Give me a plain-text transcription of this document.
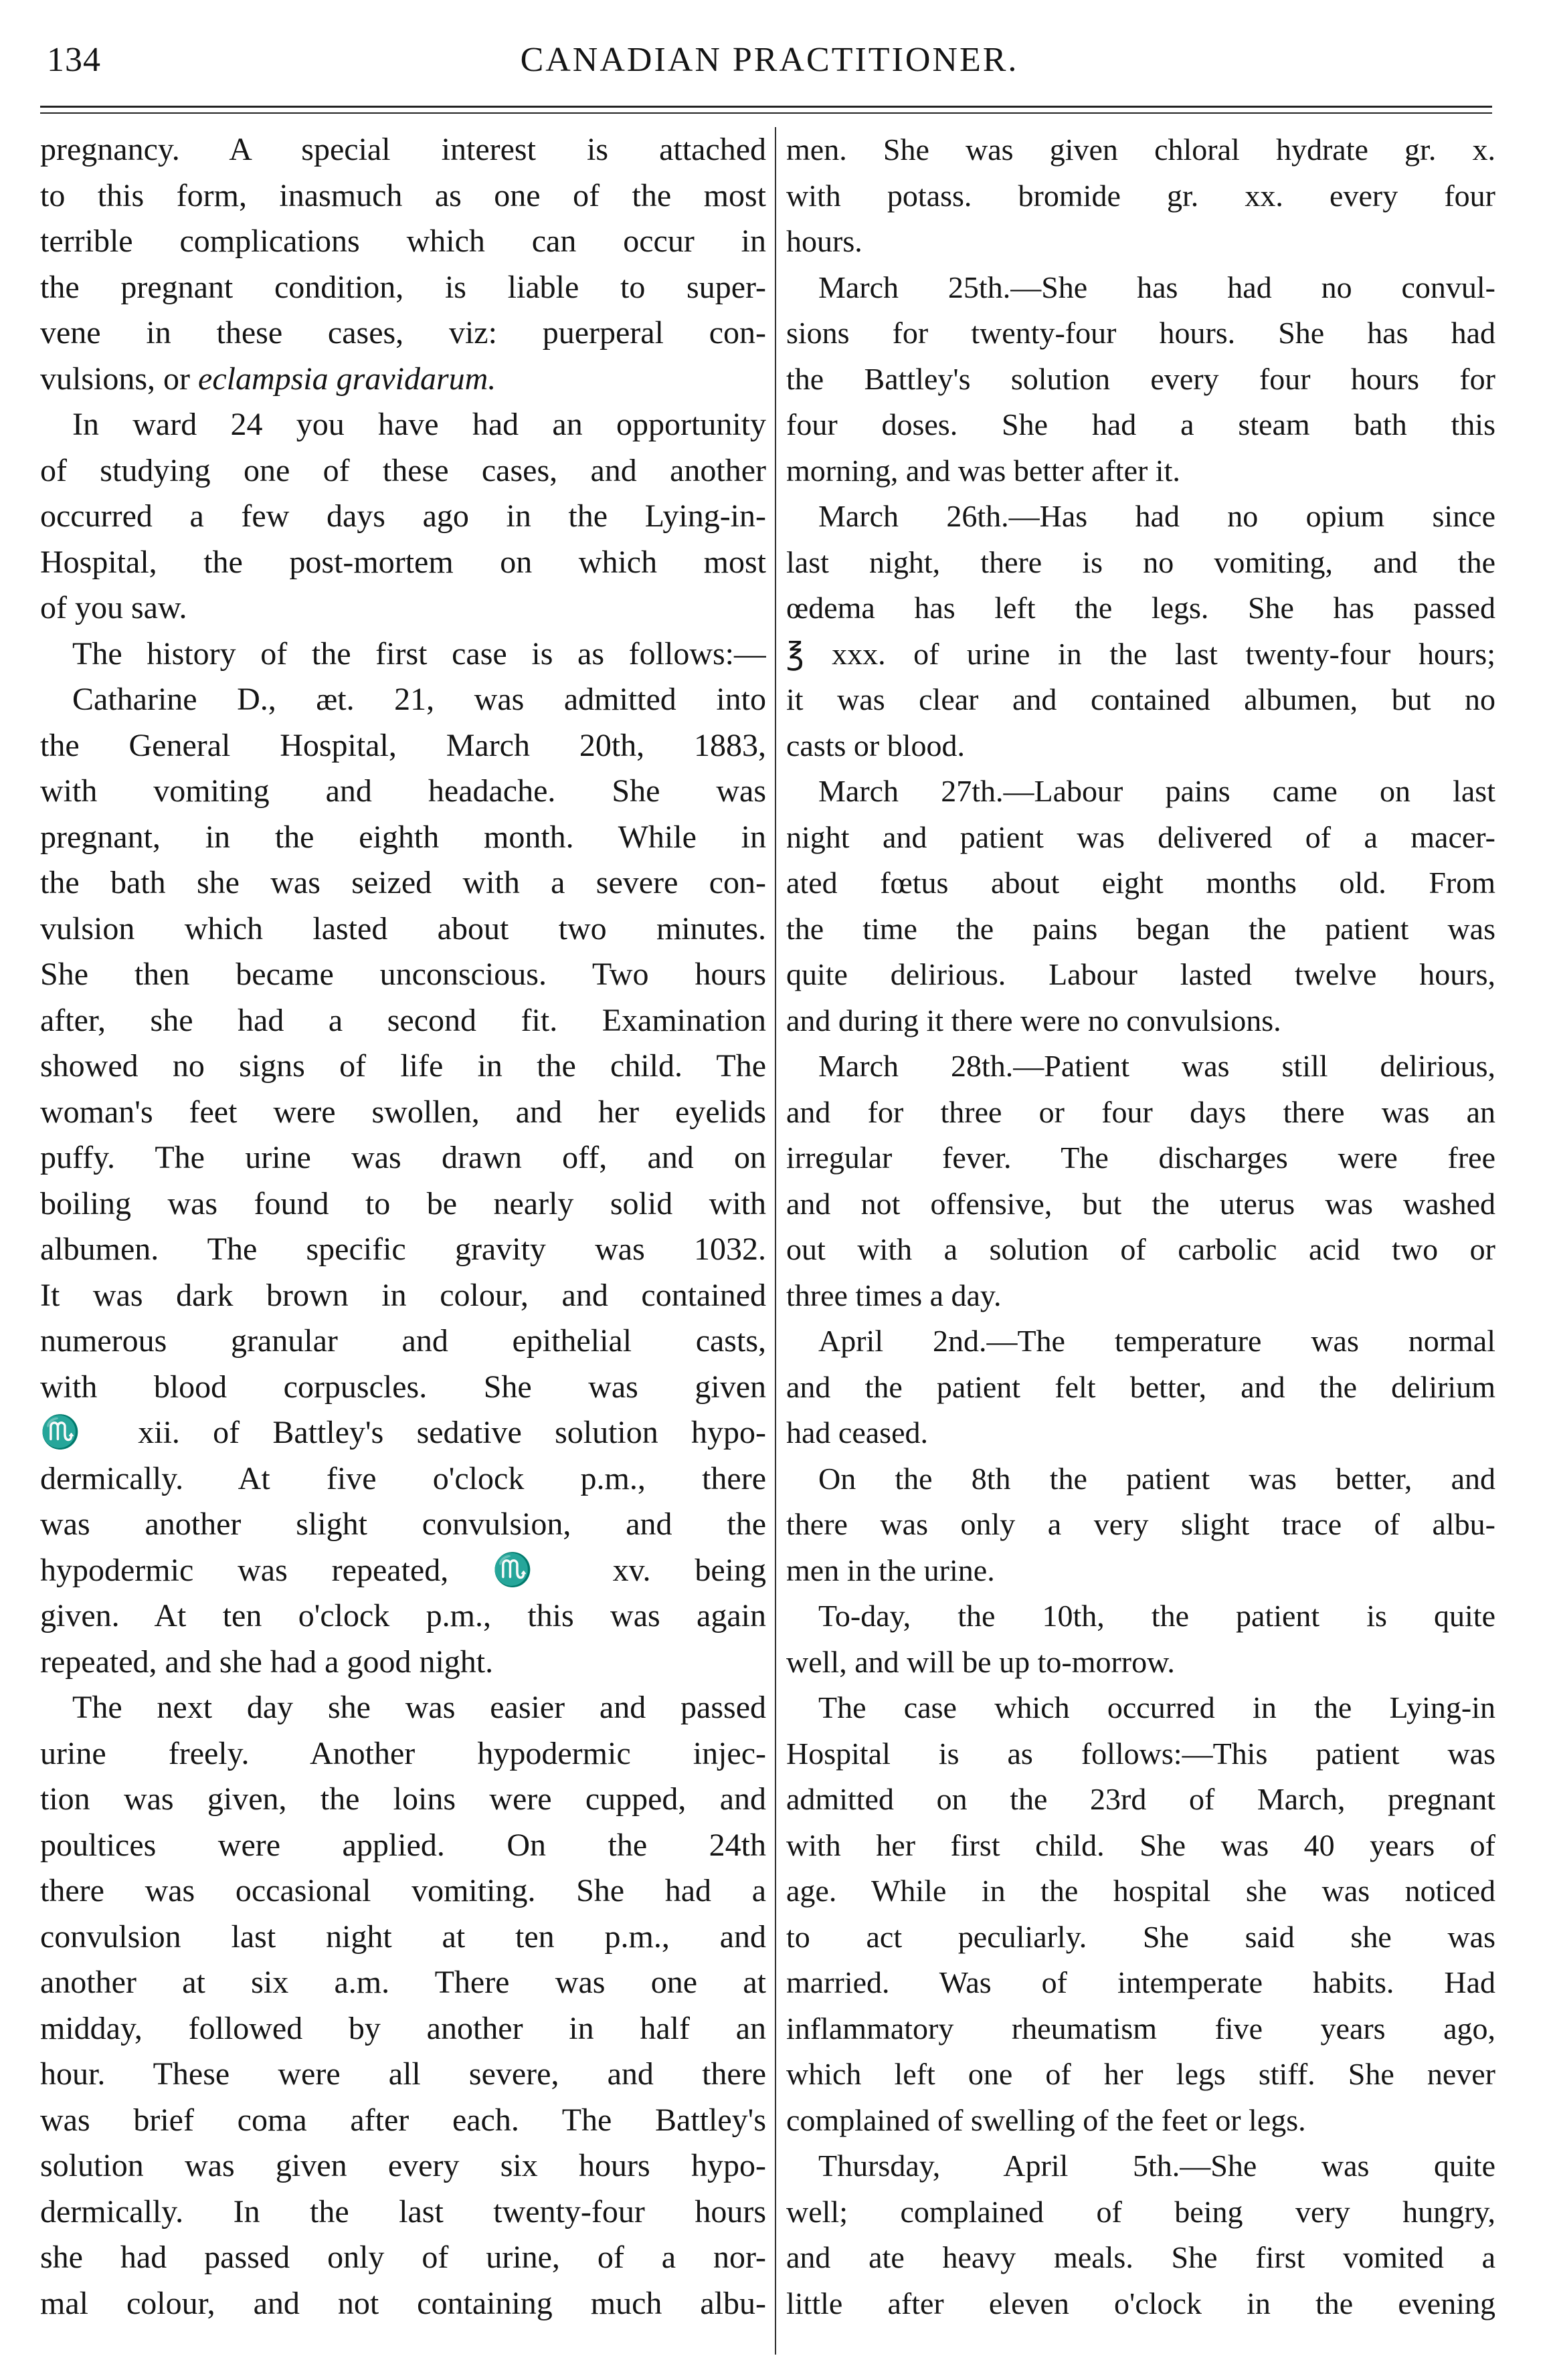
134	CANADIAN PRACTITIONER.
pregnancy. A special interest is attached
to this form, inasmuch as one of the most
terrible complications which can occur in
the pregnant condition, is liable to super-
vene in these cases, viz: puerperal con-
vulsions, or eclampsia gravidarum.
In ward 24 you have had an opportunity
of studying one of these cases, and another
occurred a few days ago in the Lying-in-
Hospital, the post-mortem on which most
of you saw.
The history of the first case is as follows:—
Catharine D., æt. 21, was admitted into
the General Hospital, March 20th, 1883,
with vomiting and headache. She was
pregnant, in the eighth month. While in
the bath she was seized with a severe con-
vulsion which lasted about two minutes.
She then became unconscious. Two hours
after, she had a second fit. Examination
showed no signs of life in the child. The
woman's feet were swollen, and her eyelids
puffy. The urine was drawn off, and on
boiling was found to be nearly solid with
albumen. The specific gravity was 1032.
It was dark brown in colour, and contained
numerous granular and epithelial casts,
with blood corpuscles. She was given
♏ xii. of Battley's sedative solution hypo-
dermically. At five o'clock p.m., there
was another slight convulsion, and the
hypodermic was repeated, ♏ xv. being
given. At ten o'clock p.m., this was again
repeated, and she had a good night.
The next day she was easier and passed
urine freely. Another hypodermic injec-
tion was given, the loins were cupped, and
poultices were applied. On the 24th
there was occasional vomiting. She had a
convulsion last night at ten p.m., and
another at six a.m. There was one at
midday, followed by another in half an
hour. These were all severe, and there
was brief coma after each. The Battley's
solution was given every six hours hypo-
dermically. In the last twenty-four hours
she had passed only of urine, of a nor-
mal colour, and not containing much albu-
men. She was given chloral hydrate gr. x.
with potass. bromide gr. xx. every four
hours.
March 25th.—She has had no convul-
sions for twenty-four hours. She has had
the Battley's solution every four hours for
four doses. She had a steam bath this
morning, and was better after it.
March 26th.—Has had no opium since
last night, there is no vomiting, and the
œdema has left the legs. She has passed
℥ xxx. of urine in the last twenty-four hours;
it was clear and contained albumen, but no
casts or blood.
March 27th.—Labour pains came on last
night and patient was delivered of a macer-
ated fœtus about eight months old. From
the time the pains began the patient was
quite delirious. Labour lasted twelve hours,
and during it there were no convulsions.
March 28th.—Patient was still delirious,
and for three or four days there was an
irregular fever. The discharges were free
and not offensive, but the uterus was washed
out with a solution of carbolic acid two or
three times a day.
April 2nd.—The temperature was normal
and the patient felt better, and the delirium
had ceased.
On the 8th the patient was better, and
there was only a very slight trace of albu-
men in the urine.
To-day, the 10th, the patient is quite
well, and will be up to-morrow.
The case which occurred in the Lying-in
Hospital is as follows:—This patient was
admitted on the 23rd of March, pregnant
with her first child. She was 40 years of
age. While in the hospital she was noticed
to act peculiarly. She said she was
married. Was of intemperate habits. Had
inflammatory rheumatism five years ago,
which left one of her legs stiff. She never
complained of swelling of the feet or legs.
Thursday, April 5th.—She was quite
well; complained of being very hungry,
and ate heavy meals. She first vomited a
little after eleven o'clock in the evening
